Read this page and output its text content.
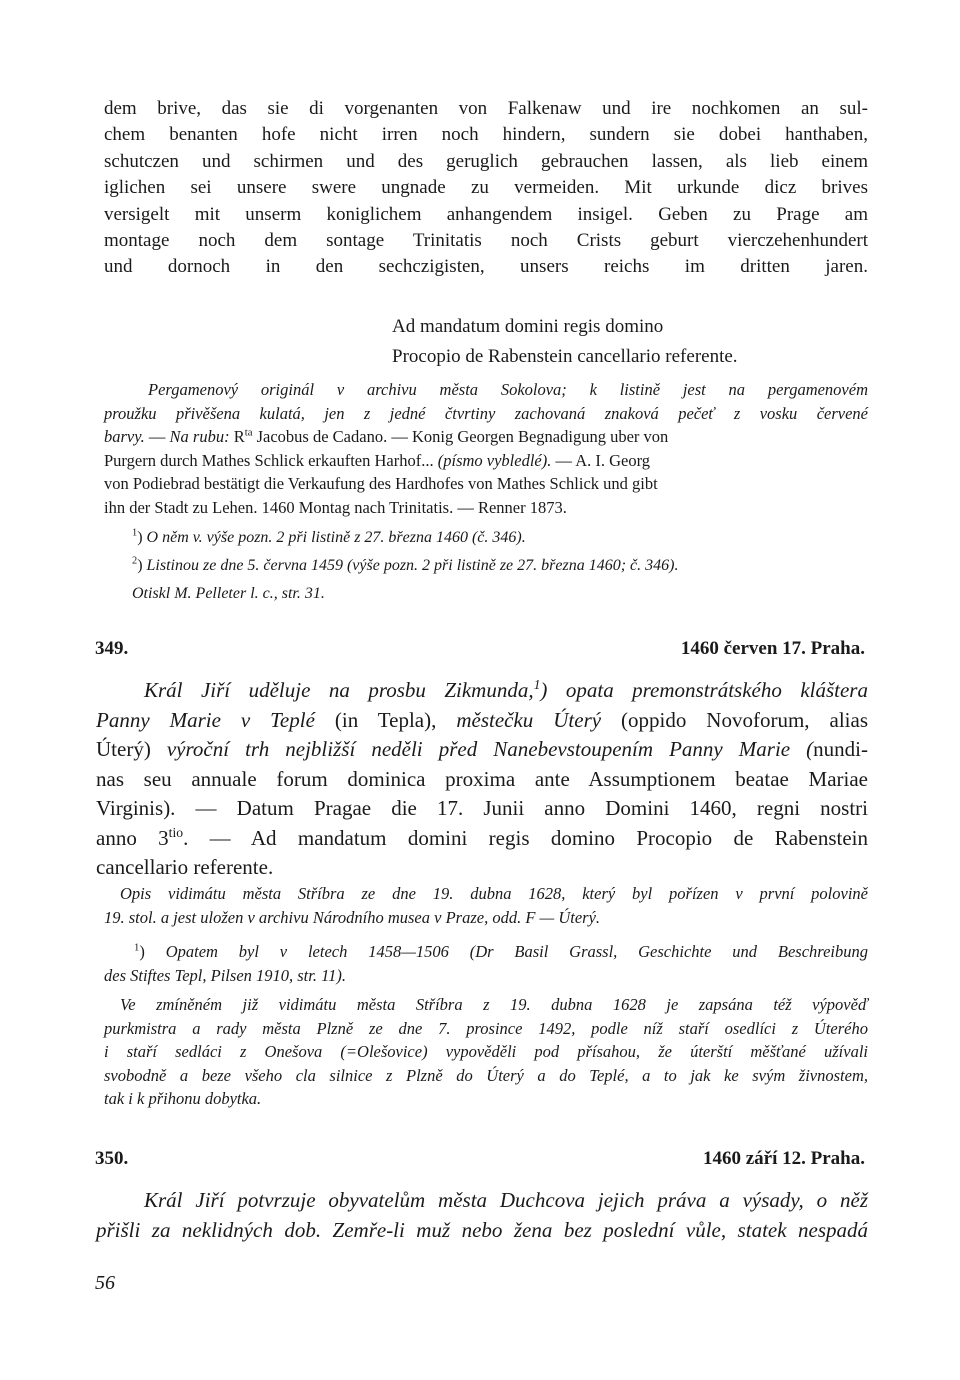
dem brive, das sie di vorgenanten von Falkenaw und ire nochkomen an sul-
chem benanten hofe nicht irren noch hindern, sundern sie dobei hanthaben,
schutczen und schirmen und des geruglich gebrauchen lassen, als lieb einem
iglichen sei unsere swere ungnade zu vermeiden. Mit urkunde dicz brives
versigelt mit unserm koniglichem anhangendem insigel. Geben zu Prage am
montage noch dem sontage Trinitatis noch Crists geburt vierczehenhundert
und dornoch in den sechczigisten, unsers reichs im dritten jaren.
Ad mandatum domini regis domino
Procopio de Rabenstein cancellario referente.
Pergamenový originál v archivu města Sokolova; k listině jest na pergamenovém
proužku přivěšena kulatá, jen z jedné čtvrtiny zachovaná znaková pečeť z vosku červené
barvy. — Na rubu: $R^{ta}$ Jacobus de Cadano. — Konig Georgen Begnadigung uber von
Purgern durch Mathes Schlick erkauften Harhof... (písmo vybledlé). — A. I. Georg
von Podiebrad bestätigt die Verkaufung des Hardhofes von Mathes Schlick und gibt
ihn der Stadt zu Lehen. 1460 Montag nach Trinitatis. — Renner 1873.
$^1$) O něm v. výše pozn. 2 při listině z 27. března 1460 (č. 346).
$^2$) Listinou ze dne 5. června 1459 (výše pozn. 2 při listině ze 27. března 1460; č. 346).
Otiskl M. Pelleter l. c., str. 31.
349.	1460 červen 17. Praha.
Král Jiří uděluje na prosbu Zikmunda,$^1$) opata premonstrátského kláštera
Panny Marie v Teplé (in Tepla), městečku Úterý (oppido Novoforum, alias
Úterý) výroční trh nejbližší neděli před Nanebevstoupením Panny Marie (nundi-
nas seu annuale forum dominica proxima ante Assumptionem beatae Mariae
Virginis). — Datum Pragae die 17. Junii anno Domini 1460, regni nostri
anno $3^{tio}$. — Ad mandatum domini regis domino Procopio de Rabenstein
cancellario referente.
Opis vidimátu města Stříbra ze dne 19. dubna 1628, který byl pořízen v první polovině
19. stol. a jest uložen v archivu Národního musea v Praze, odd. F — Úterý.
$^1$) Opatem byl v letech 1458—1506 (Dr Basil Grassl, Geschichte und Beschreibung
des Stiftes Tepl, Pilsen 1910, str. 11).
Ve zmíněném již vidimátu města Stříbra z 19. dubna 1628 je zapsána též výpověď
purkmistra a rady města Plzně ze dne 7. prosince 1492, podle níž staří osedlíci z Úterého
i staří sedláci z Onešova (=Olešovice) vypověděli pod přísahou, že úterští měšťané užívali
svobodně a beze všeho cla silnice z Plzně do Úterý a do Teplé, a to jak ke svým živnostem,
tak i k přihonu dobytka.
350.	1460 září 12. Praha.
Král Jiří potvrzuje obyvatelům města Duchcova jejich práva a výsady, o něž
přišli za neklidných dob. Zemře-li muž nebo žena bez poslední vůle, statek nespadá
56
